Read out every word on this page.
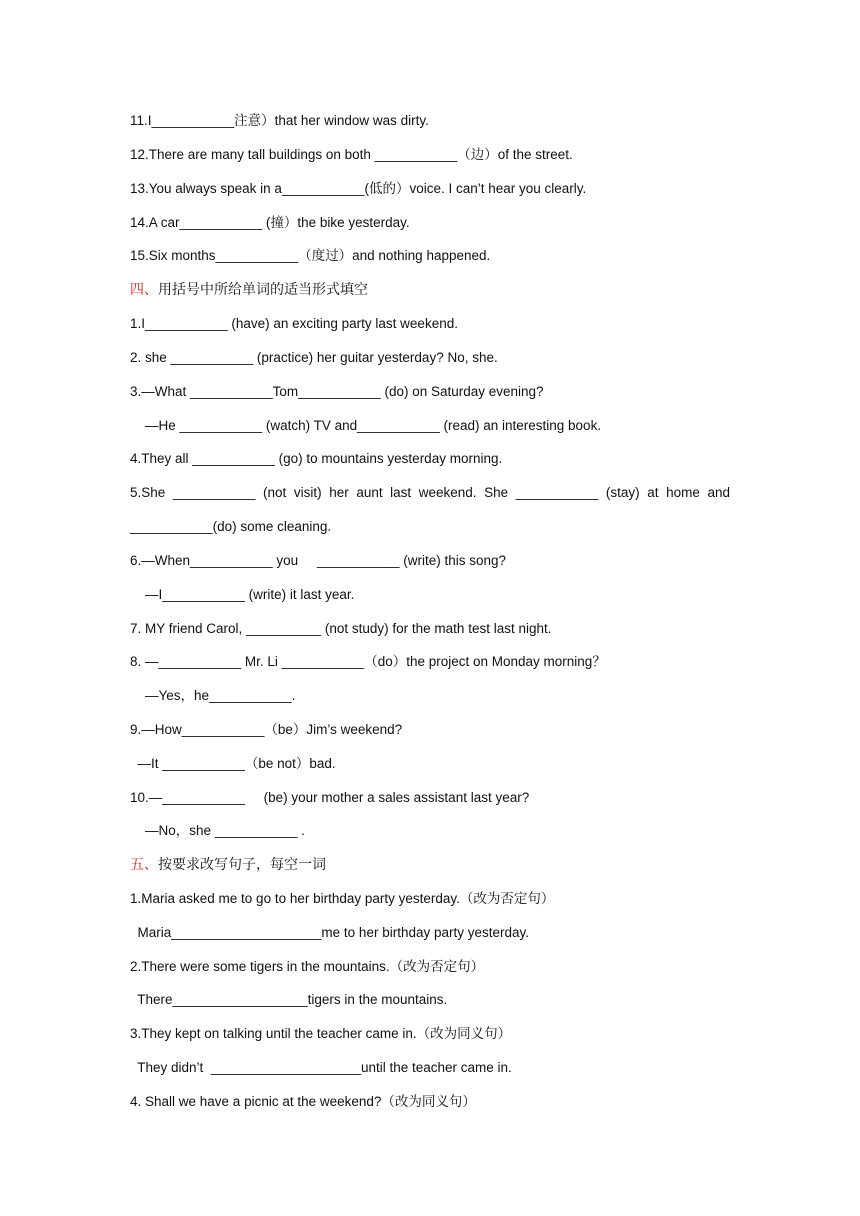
11.I___________注意）that her window was dirty.
12.There are many tall buildings on both ___________（边）of the street.
13.You always speak in a___________(低的）voice. I can’t hear you clearly.
14.A car___________ (撞）the bike yesterday.
15.Six months___________（度过）and nothing happened.
四、用括号中所给单词的适当形式填空
1.I___________ (have) an exciting party last weekend.
2. she ___________ (practice) her guitar yesterday? No, she.
3.—What ___________Tom___________ (do) on Saturday evening?
—He ___________ (watch) TV and___________ (read) an interesting book.
4.They all ___________ (go) to mountains yesterday morning.
5.She ___________ (not visit) her aunt last weekend. She ___________ (stay) at home and
___________(do) some cleaning.
6.—When___________ you     ___________ (write) this song?
—I___________ (write) it last year.
7. MY friend Carol, __________ (not study) for the math test last night.
8. —___________ Mr. Li ___________（do）the project on Monday morning？
—Yes，he___________.
9.—How___________（be）Jim’s weekend?
—It ___________（be not）bad.
10.—___________     (be) your mother a sales assistant last year?
—No，she ___________ .
五、按要求改写句子，每空一词
1.Maria asked me to go to her birthday party yesterday.（改为否定句）
Maria____________________me to her birthday party yesterday.
2.There were some tigers in the mountains.（改为否定句）
There__________________tigers in the mountains.
3.They kept on talking until the teacher came in.（改为同义句）
They didn’t  ____________________until the teacher came in.
4. Shall we have a picnic at the weekend?（改为同义句）
